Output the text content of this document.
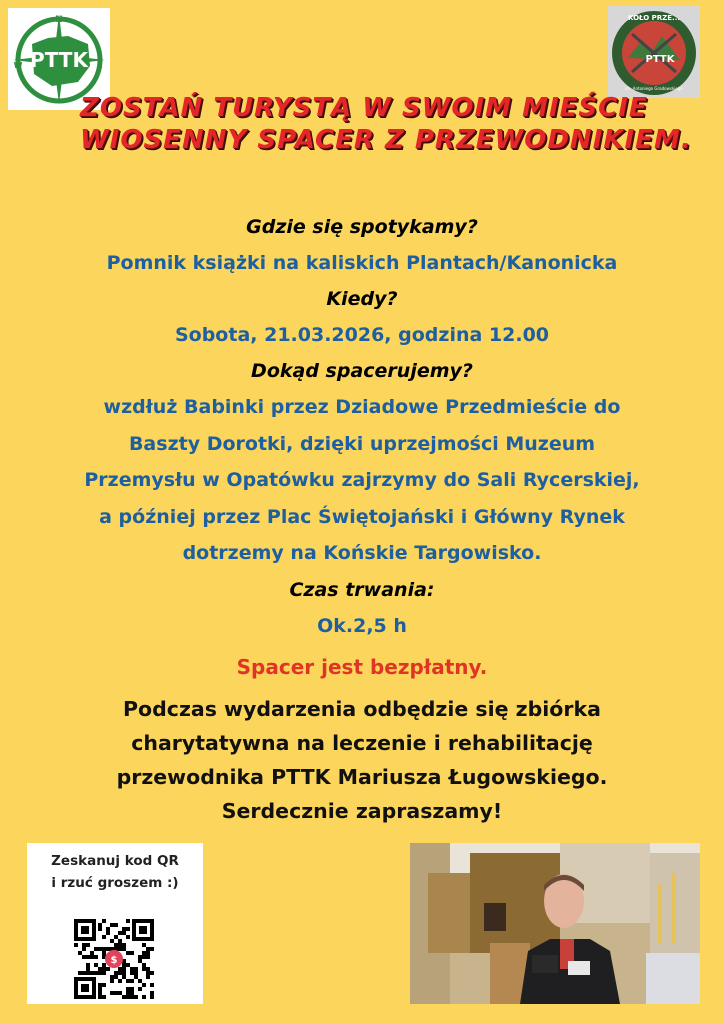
PTTK
N
W	E
PTTK
KOŁO PRZE...
im. Antoniego Gradowskiego
ZOSTAŃ TURYSTĄ W SWOIM MIEŚCIE
WIOSENNY SPACER Z PRZEWODNIKIEM.
Gdzie się spotykamy?
Pomnik książki na kaliskich Plantach/Kanonicka
Kiedy?
Sobota, 21.03.2026, godzina 12.00
Dokąd spacerujemy?
wzdłuż Babinki przez Dziadowe Przedmieście do
Baszty Dorotki, dzięki uprzejmości Muzeum
Przemysłu w Opatówku zajrzymy do Sali Rycerskiej,
a później przez Plac Świętojański i Główny Rynek
dotrzemy na Końskie Targowisko.
Czas trwania:
Ok.2,5 h
Spacer jest bezpłatny.
Podczas wydarzenia odbędzie się zbiórka
charytatywna na leczenie i rehabilitację
przewodnika PTTK Mariusza Ługowskiego.
Serdecznie zapraszamy!
Zeskanuj kod QR
i rzuć groszem :)
$
